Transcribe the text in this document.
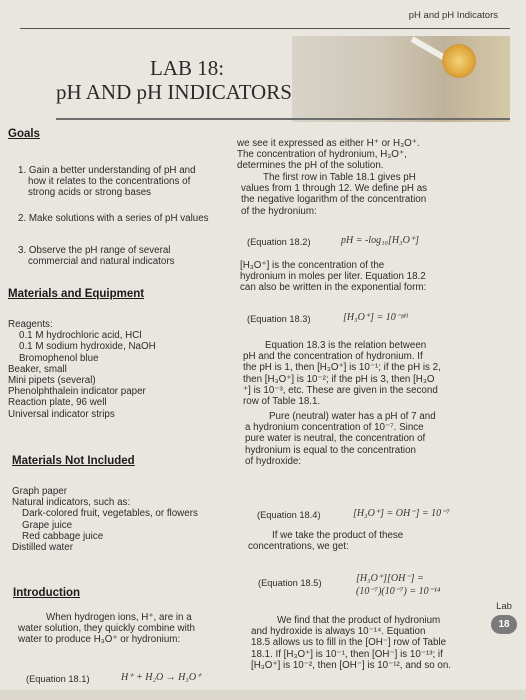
pH and pH Indicators
LAB 18:
pH AND pH INDICATORS
Goals
1. Gain a better understanding of pH and
how it relates to the concentrations of
strong acids or strong bases
2. Make solutions with a series of pH values
3. Observe the pH range of several
commercial and natural indicators
Materials and Equipment
Reagents:
0.1 M hydrochloric acid, HCl
0.1 M sodium hydroxide, NaOH
Bromophenol blue
Beaker, small
Mini pipets (several)
Phenolphthalein indicator paper
Reaction plate, 96 well
Universal indicator strips
Materials Not Included
Graph paper
Natural indicators, such as:
Dark-colored fruit, vegetables, or flowers
Grape juice
Red cabbage juice
Distilled water
Introduction
When hydrogen ions, H⁺, are in a
water solution, they quickly combine with
water to produce H₃O⁺ or hydronium:
(Equation 18.1)	H⁺ + H₂O → H₃O⁺
we see it expressed as either H⁺ or H₃O⁺.
The concentration of hydronium, H₃O⁺,
determines the pH of the solution.
The first row in Table 18.1 gives pH
values from 1 through 12. We define pH as
the negative logarithm of the concentration
of the hydronium:
(Equation 18.2)	pH = -log₁₀[H₃O⁺]
[H₃O⁺] is the concentration of the
hydronium in moles per liter. Equation 18.2
can also be written in the exponential form:
(Equation 18.3)	[H₃O⁺] = 10⁻ᵖᴴ
Equation 18.3 is the relation between
pH and the concentration of hydronium. If
the pH is 1, then [H₃O⁺] is 10⁻¹; if the pH is 2,
then [H₃O⁺] is 10⁻²; if the pH is 3, then [H₃O
⁺] is 10⁻³, etc. These are given in the second
row of Table 18.1.
Pure (neutral) water has a pH of 7 and
a hydronium concentration of 10⁻⁷. Since
pure water is neutral, the concentration of
hydronium is equal to the concentration
of hydroxide:
(Equation 18.4)	[H₃O⁺] = OH⁻] = 10⁻⁷
If we take the product of these
concentrations, we get:
(Equation 18.5)	[H₃O⁺][OH⁻] =
(10⁻⁷)(10⁻⁷) = 10⁻¹⁴
We find that the product of hydronium
and hydroxide is always 10⁻¹⁴. Equation
18.5 allows us to fill in the [OH⁻] row of Table
18.1. If [H₃O⁺] is 10⁻¹, then [OH⁻] is 10⁻¹³; if
[H₃O⁺] is 10⁻², then [OH⁻] is 10⁻¹², and so on.
Lab
18
